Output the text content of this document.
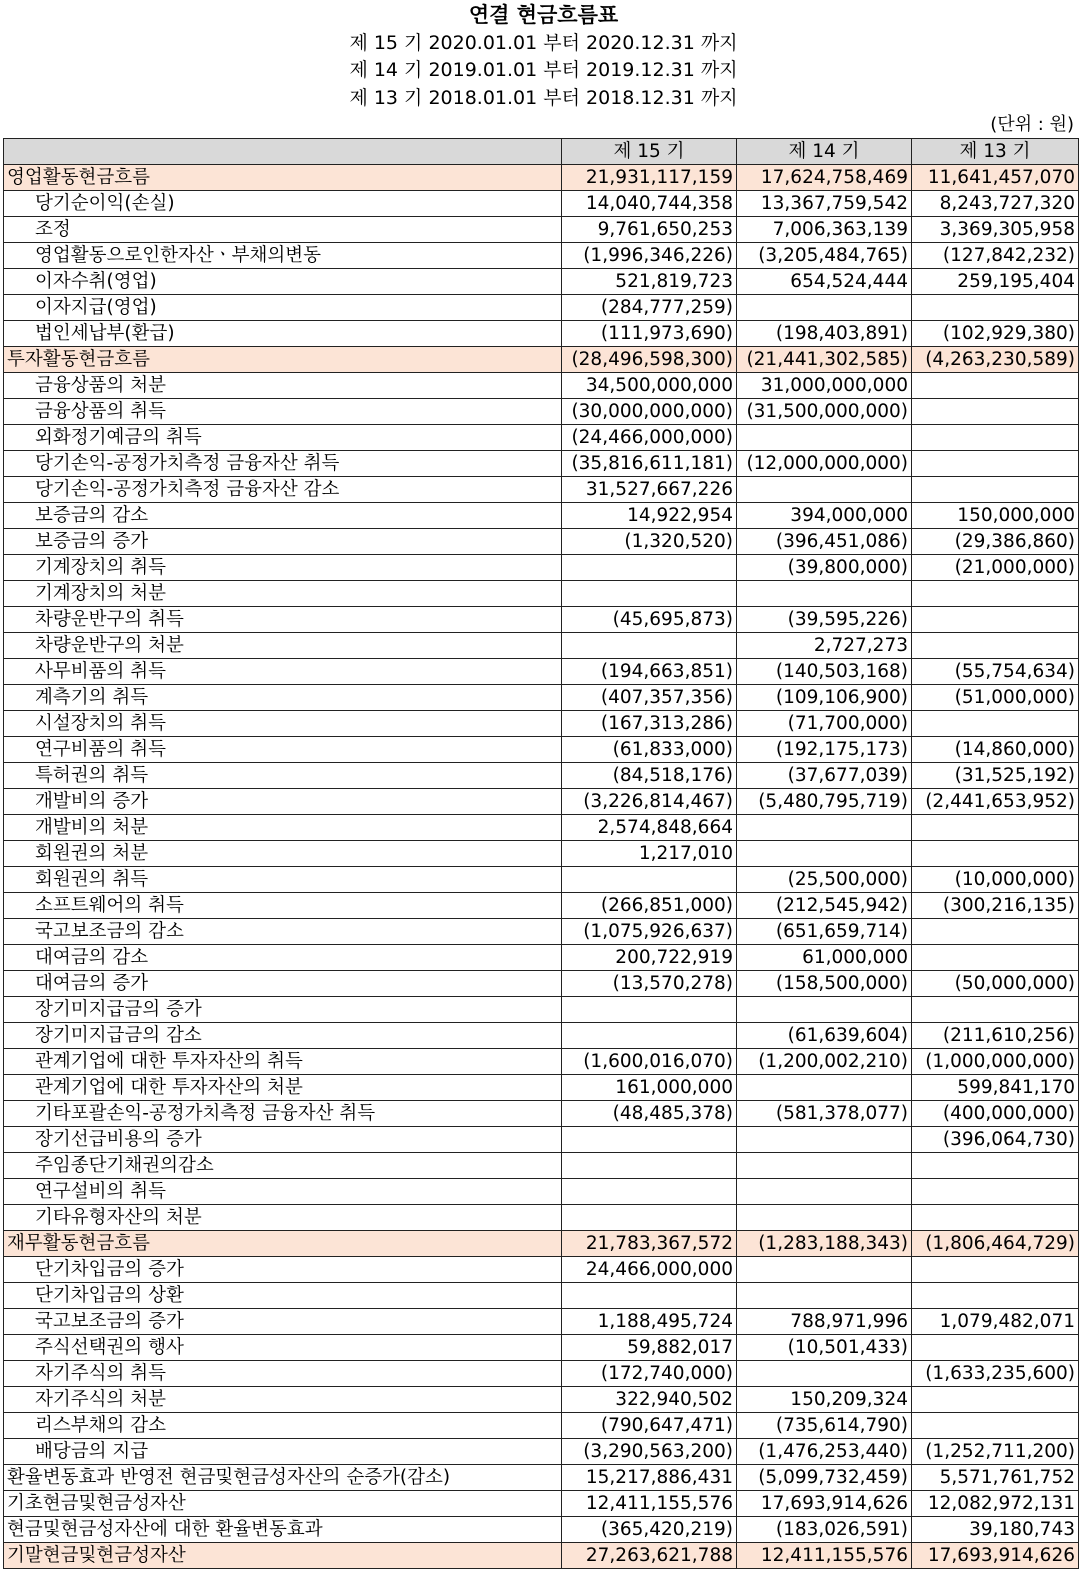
연결 현금흐름표
제 15 기 2020.01.01 부터 2020.12.31 까지
제 14 기 2019.01.01 부터 2019.12.31 까지
제 13 기 2018.01.01 부터 2018.12.31 까지
(단위 : 원)
	제 15 기	제 14 기	제 13 기
영업활동현금흐름	21,931,117,159	17,624,758,469	11,641,457,070
당기순이익(손실)	14,040,744,358	13,367,759,542	8,243,727,320
조정	9,761,650,253	7,006,363,139	3,369,305,958
영업활동으로인한자산ㆍ부채의변동	(1,996,346,226)	(3,205,484,765)	(127,842,232)
이자수취(영업)	521,819,723	654,524,444	259,195,404
이자지급(영업)	(284,777,259)		
법인세납부(환급)	(111,973,690)	(198,403,891)	(102,929,380)
투자활동현금흐름	(28,496,598,300)	(21,441,302,585)	(4,263,230,589)
금융상품의 처분	34,500,000,000	31,000,000,000	
금융상품의 취득	(30,000,000,000)	(31,500,000,000)	
외화정기예금의 취득	(24,466,000,000)		
당기손익-공정가치측정 금융자산 취득	(35,816,611,181)	(12,000,000,000)	
당기손익-공정가치측정 금융자산 감소	31,527,667,226		
보증금의 감소	14,922,954	394,000,000	150,000,000
보증금의 증가	(1,320,520)	(396,451,086)	(29,386,860)
기계장치의 취득		(39,800,000)	(21,000,000)
기계장치의 처분			
차량운반구의 취득	(45,695,873)	(39,595,226)	
차량운반구의 처분		2,727,273	
사무비품의 취득	(194,663,851)	(140,503,168)	(55,754,634)
계측기의 취득	(407,357,356)	(109,106,900)	(51,000,000)
시설장치의 취득	(167,313,286)	(71,700,000)	
연구비품의 취득	(61,833,000)	(192,175,173)	(14,860,000)
특허권의 취득	(84,518,176)	(37,677,039)	(31,525,192)
개발비의 증가	(3,226,814,467)	(5,480,795,719)	(2,441,653,952)
개발비의 처분	2,574,848,664		
회원권의 처분	1,217,010		
회원권의 취득		(25,500,000)	(10,000,000)
소프트웨어의 취득	(266,851,000)	(212,545,942)	(300,216,135)
국고보조금의 감소	(1,075,926,637)	(651,659,714)	
대여금의 감소	200,722,919	61,000,000	
대여금의 증가	(13,570,278)	(158,500,000)	(50,000,000)
장기미지급금의 증가			
장기미지급금의 감소		(61,639,604)	(211,610,256)
관계기업에 대한 투자자산의 취득	(1,600,016,070)	(1,200,002,210)	(1,000,000,000)
관계기업에 대한 투자자산의 처분	161,000,000		599,841,170
기타포괄손익-공정가치측정 금융자산 취득	(48,485,378)	(581,378,077)	(400,000,000)
장기선급비용의 증가			(396,064,730)
주임종단기채권의감소			
연구설비의 취득			
기타유형자산의 처분			
재무활동현금흐름	21,783,367,572	(1,283,188,343)	(1,806,464,729)
단기차입금의 증가	24,466,000,000		
단기차입금의 상환			
국고보조금의 증가	1,188,495,724	788,971,996	1,079,482,071
주식선택권의 행사	59,882,017	(10,501,433)	
자기주식의 취득	(172,740,000)		(1,633,235,600)
자기주식의 처분	322,940,502	150,209,324	
리스부채의 감소	(790,647,471)	(735,614,790)	
배당금의 지급	(3,290,563,200)	(1,476,253,440)	(1,252,711,200)
환율변동효과 반영전 현금및현금성자산의 순증가(감소)	15,217,886,431	(5,099,732,459)	5,571,761,752
기초현금및현금성자산	12,411,155,576	17,693,914,626	12,082,972,131
현금및현금성자산에 대한 환율변동효과	(365,420,219)	(183,026,591)	39,180,743
기말현금및현금성자산	27,263,621,788	12,411,155,576	17,693,914,626
